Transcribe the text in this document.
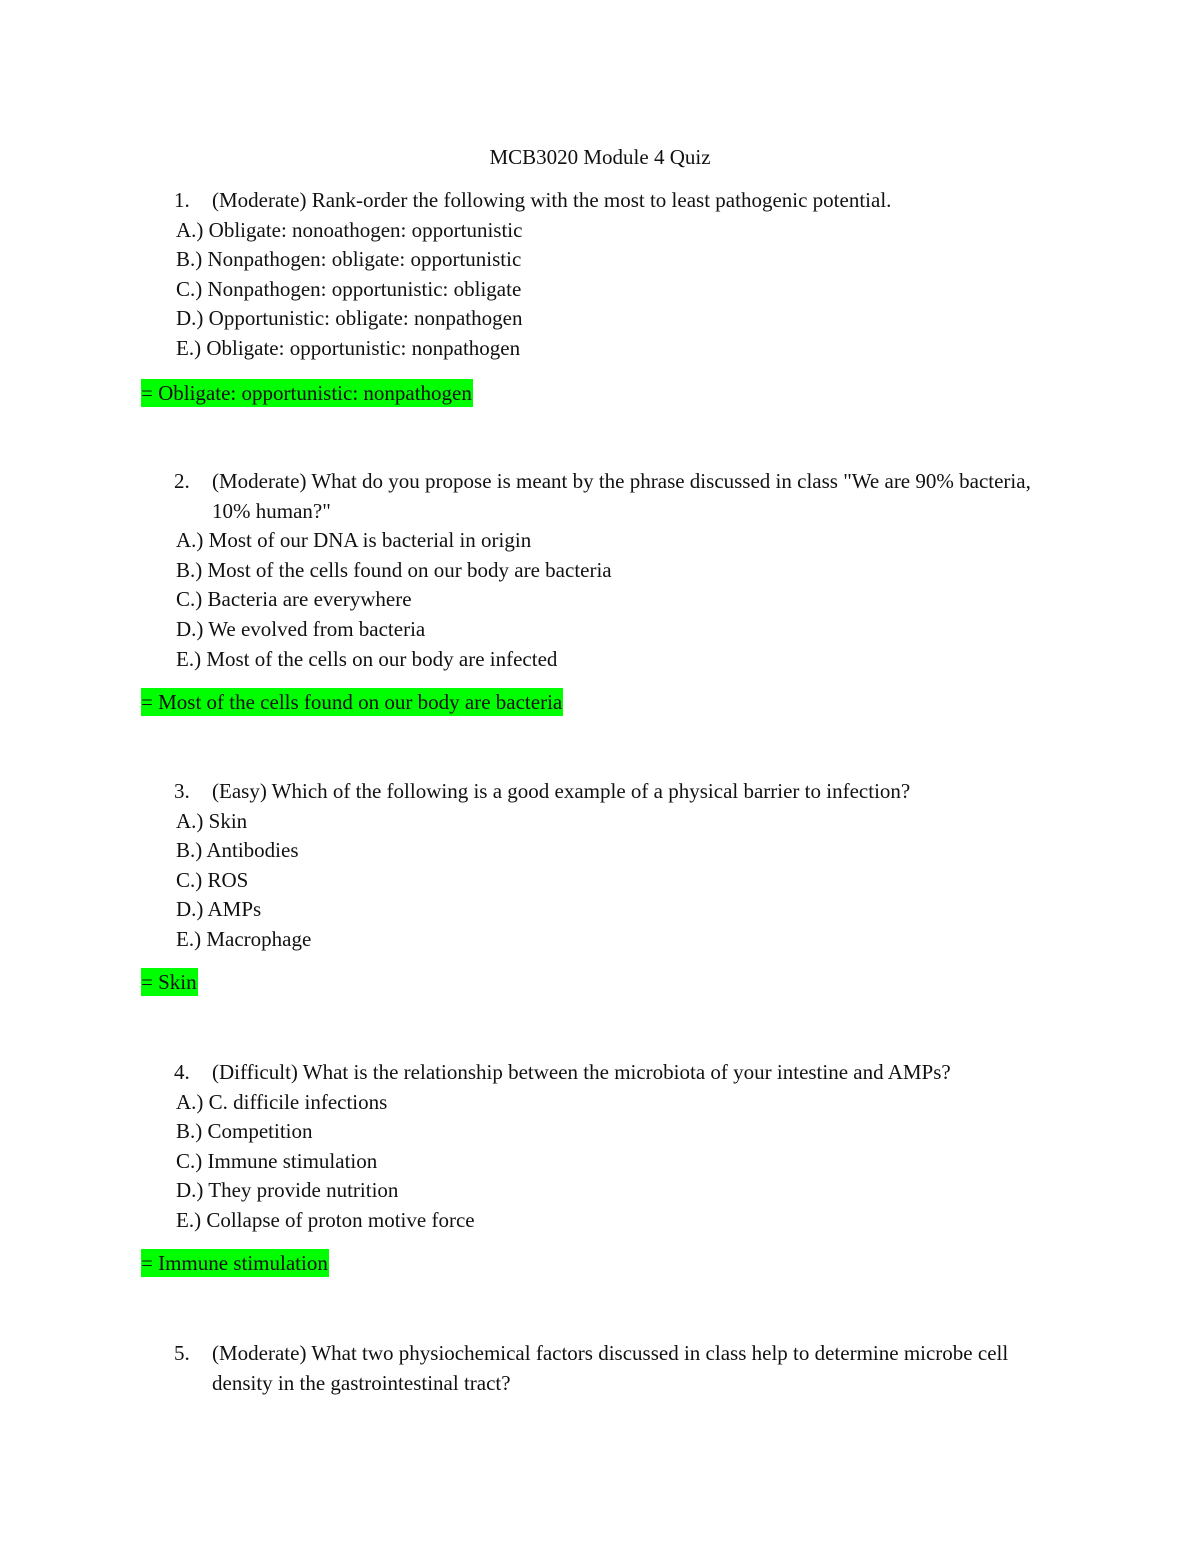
MCB3020 Module 4 Quiz
1. (Moderate) Rank-order the following with the most to least pathogenic potential.
A.) Obligate: nonoathogen: opportunistic
B.) Nonpathogen: obligate: opportunistic
C.) Nonpathogen: opportunistic: obligate
D.) Opportunistic: obligate: nonpathogen
E.) Obligate: opportunistic: nonpathogen
= Obligate: opportunistic: nonpathogen
2. (Moderate) What do you propose is meant by the phrase discussed in class "We are 90% bacteria, 10% human?"
A.) Most of our DNA is bacterial in origin
B.) Most of the cells found on our body are bacteria
C.) Bacteria are everywhere
D.) We evolved from bacteria
E.) Most of the cells on our body are infected
= Most of the cells found on our body are bacteria
3. (Easy) Which of the following is a good example of a physical barrier to infection?
A.) Skin
B.) Antibodies
C.) ROS
D.) AMPs
E.) Macrophage
= Skin
4. (Difficult) What is the relationship between the microbiota of your intestine and AMPs?
A.) C. difficile infections
B.) Competition
C.) Immune stimulation
D.) They provide nutrition
E.) Collapse of proton motive force
= Immune stimulation
5. (Moderate) What two physiochemical factors discussed in class help to determine microbe cell density in the gastrointestinal tract?
